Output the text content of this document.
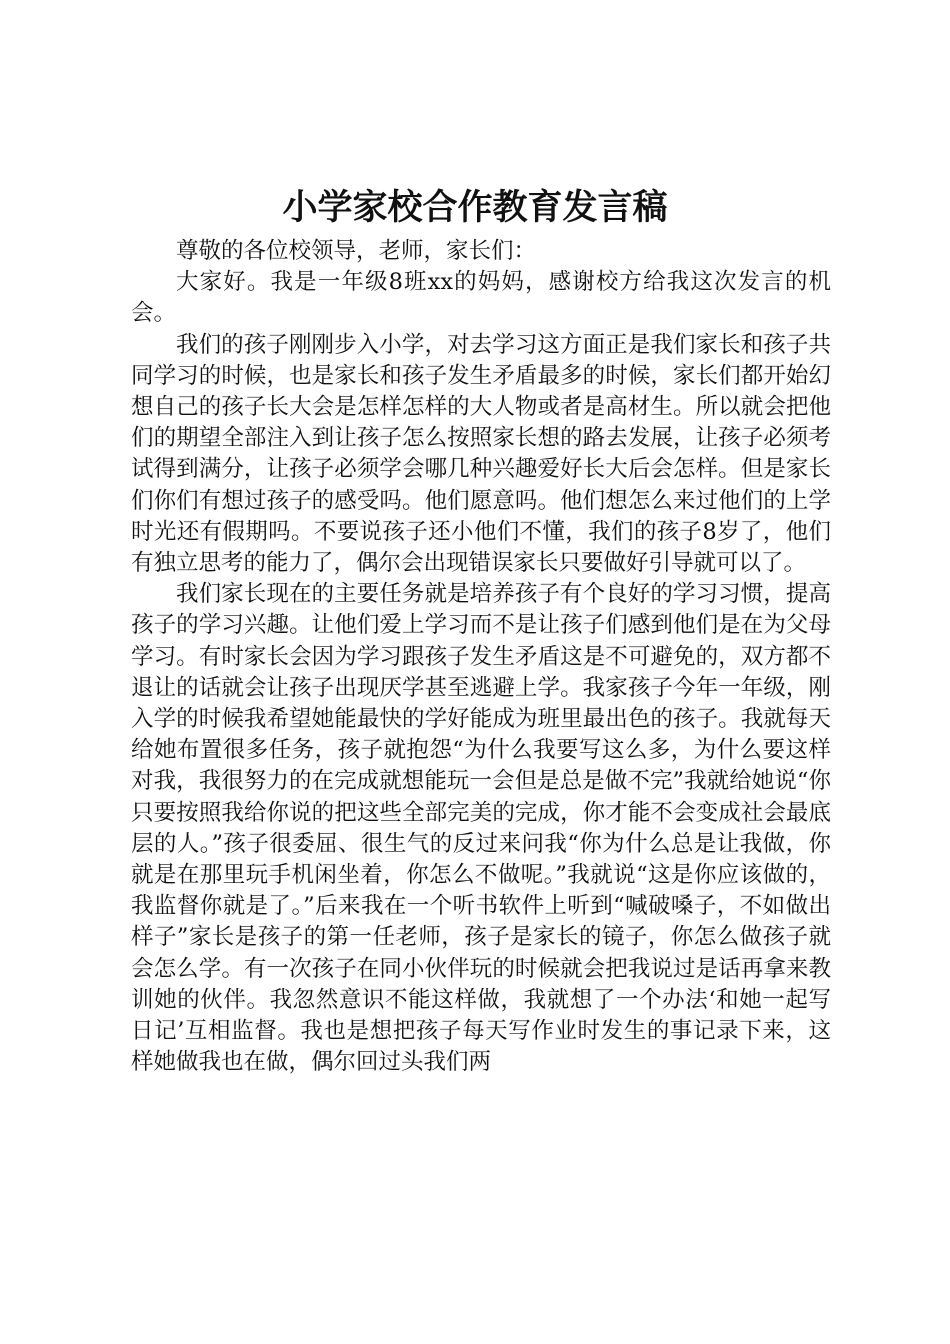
小学家校合作教育发言稿

尊敬的各位校领导，老师，家长们：

大家好。我是一年级8班xx的妈妈，感谢校方给我这次发言的机会。

我们的孩子刚刚步入小学，对去学习这方面正是我们家长和孩子共同学习的时候，也是家长和孩子发生矛盾最多的时候，家长们都开始幻想自己的孩子长大会是怎样怎样的大人物或者是高材生。所以就会把他们的期望全部注入到让孩子怎么按照家长想的路去发展，让孩子必须考试得到满分，让孩子必须学会哪几种兴趣爱好长大后会怎样。但是家长们你们有想过孩子的感受吗。他们愿意吗。他们想怎么来过他们的上学时光还有假期吗。不要说孩子还小他们不懂，我们的孩子8岁了，他们有独立思考的能力了，偶尔会出现错误家长只要做好引导就可以了。

我们家长现在的主要任务就是培养孩子有个良好的学习习惯，提高孩子的学习兴趣。让他们爱上学习而不是让孩子们感到他们是在为父母学习。有时家长会因为学习跟孩子发生矛盾这是不可避免的，双方都不退让的话就会让孩子出现厌学甚至逃避上学。我家孩子今年一年级，刚入学的时候我希望她能最快的学好能成为班里最出色的孩子。我就每天给她布置很多任务，孩子就抱怨“为什么我要写这么多，为什么要这样对我，我很努力的在完成就想能玩一会但是总是做不完”我就给她说“你只要按照我给你说的把这些全部完美的完成，你才能不会变成社会最底层的人。”孩子很委屈、很生气的反过来问我“你为什么总是让我做，你就是在那里玩手机闲坐着，你怎么不做呢。”我就说“这是你应该做的，我监督你就是了。”后来我在一个听书软件上听到“喊破嗓子，不如做出样子”家长是孩子的第一任老师，孩子是家长的镜子，你怎么做孩子就会怎么学。有一次孩子在同小伙伴玩的时候就会把我说过是话再拿来教训她的伙伴。我忽然意识不能这样做，我就想了一个办法‘和她一起写日记’互相监督。我也是想把孩子每天写作业时发生的事记录下来，这样她做我也在做，偶尔回过头我们两
